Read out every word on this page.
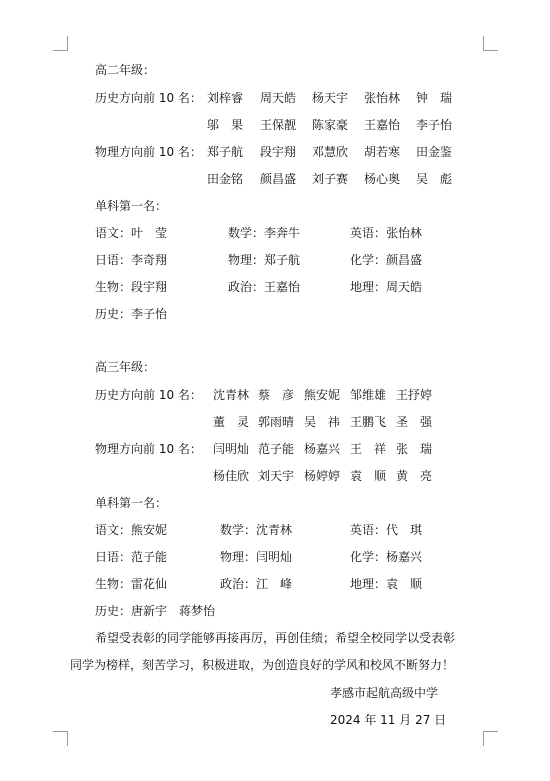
高二年级：
历史方向前 10 名： 刘梓睿 周天皓 杨天宇 张怡林 钟　瑞
邬　果 王保靓 陈家豪 王嘉怡 李子怡
物理方向前 10 名： 郑子航 段宇翔 邓慧欣 胡若寒 田金鉴
田金铭 颜昌盛 刘子赛 杨心奥 吴　彪
单科第一名：
语文：叶　莹	数学：李奔牛	英语：张怡林
日语：李奇翔	物理：郑子航	化学：颜昌盛
生物：段宇翔	政治：王嘉怡	地理：周天皓
历史：李子怡
高三年级：
历史方向前 10 名： 沈青林 蔡　彦 熊安妮 邹维雄 王抒婷
董　灵 郭雨晴 吴　祎 王鹏飞 圣　强
物理方向前 10 名： 闫明灿 范子能 杨嘉兴 王　祥 张　瑞
杨佳欣 刘天宇 杨婷婷 袁　顺 黄　亮
单科第一名：
语文：熊安妮	数学：沈青林	英语：代　琪
日语：范子能	物理：闫明灿	化学：杨嘉兴
生物：雷花仙	政治：江　峰	地理：袁　顺
历史：唐新宇　蒋梦怡
希望受表彰的同学能够再接再厉，再创佳绩；希望全校同学以受表彰
同学为榜样，刻苦学习，积极进取，为创造良好的学风和校风不断努力！
孝感市起航高级中学
2024 年 11 月 27 日
